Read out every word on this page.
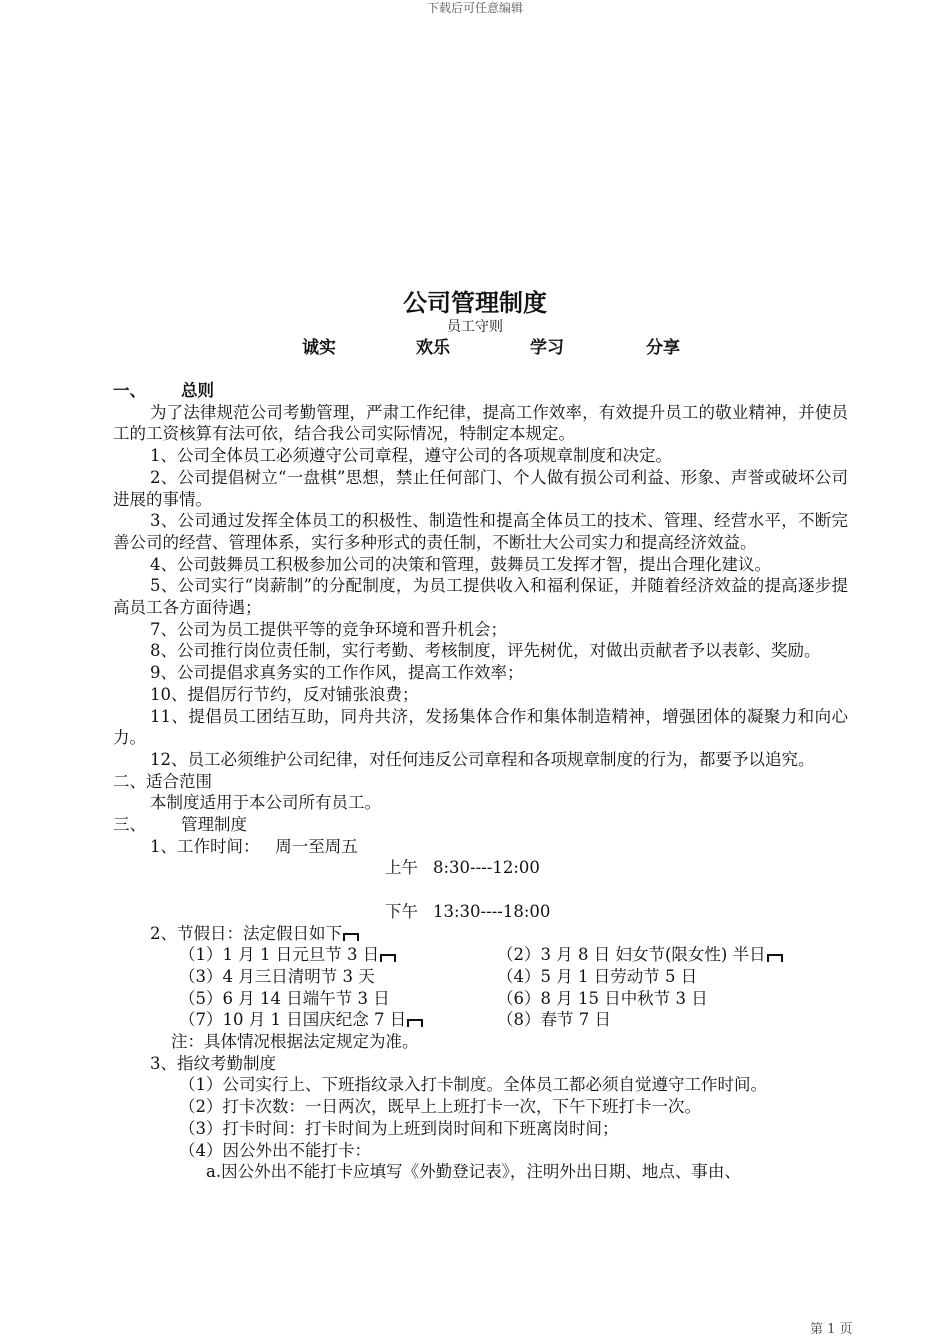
下载后可任意编辑
公司管理制度
员工守则
诚实	欢乐	学习	分享
一、 总则

为了法律规范公司考勤管理，严肃工作纪律，提高工作效率，有效提升员工的敬业精神，并使员工的工资核算有法可依，结合我公司实际情况，特制定本规定。

1、公司全体员工必须遵守公司章程，遵守公司的各项规章制度和决定。

2、公司提倡树立“一盘棋”思想，禁止任何部门、个人做有损公司利益、形象、声誉或破坏公司进展的事情。

3、公司通过发挥全体员工的积极性、制造性和提高全体员工的技术、管理、经营水平，不断完善公司的经营、管理体系，实行多种形式的责任制，不断壮大公司实力和提高经济效益。

4、公司鼓舞员工积极参加公司的决策和管理，鼓舞员工发挥才智，提出合理化建议。

5、公司实行“岗薪制”的分配制度，为员工提供收入和福利保证，并随着经济效益的提高逐步提高员工各方面待遇；

7、公司为员工提供平等的竞争环境和晋升机会；

8、公司推行岗位责任制，实行考勤、考核制度，评先树优，对做出贡献者予以表彰、奖励。

9、公司提倡求真务实的工作作风，提高工作效率；

10、提倡厉行节约，反对铺张浪费；

11、提倡员工团结互助，同舟共济，发扬集体合作和集体制造精神，增强团体的凝聚力和向心力。

12、员工必须维护公司纪律，对任何违反公司章程和各项规章制度的行为，都要予以追究。

二、适合范围

本制度适用于本公司所有员工。

三、 管理制度

1、工作时间： 周一至周五

上午 8:30----12:00

下午 13:30----18:00

2、节假日：法定假日如下

（1）1 月 1 日元旦节 3 日	（2）3 月 8 日 妇女节(限女性) 半日
（3）4 月三日清明节 3 天	（4）5 月 1 日劳动节 5 日
（5）6 月 14 日端午节 3 日	（6）8 月 15 日中秋节 3 日
（7）10 月 1 日国庆纪念 7 日	（8）春节 7 日

注：具体情况根据法定规定为准。

3、指纹考勤制度

（1）公司实行上、下班指纹录入打卡制度。全体员工都必须自觉遵守工作时间。

（2）打卡次数：一日两次，既早上上班打卡一次，下午下班打卡一次。

（3）打卡时间：打卡时间为上班到岗时间和下班离岗时间；

（4）因公外出不能打卡：

a.因公外出不能打卡应填写《外勤登记表》，注明外出日期、地点、事由、

第 1 页
